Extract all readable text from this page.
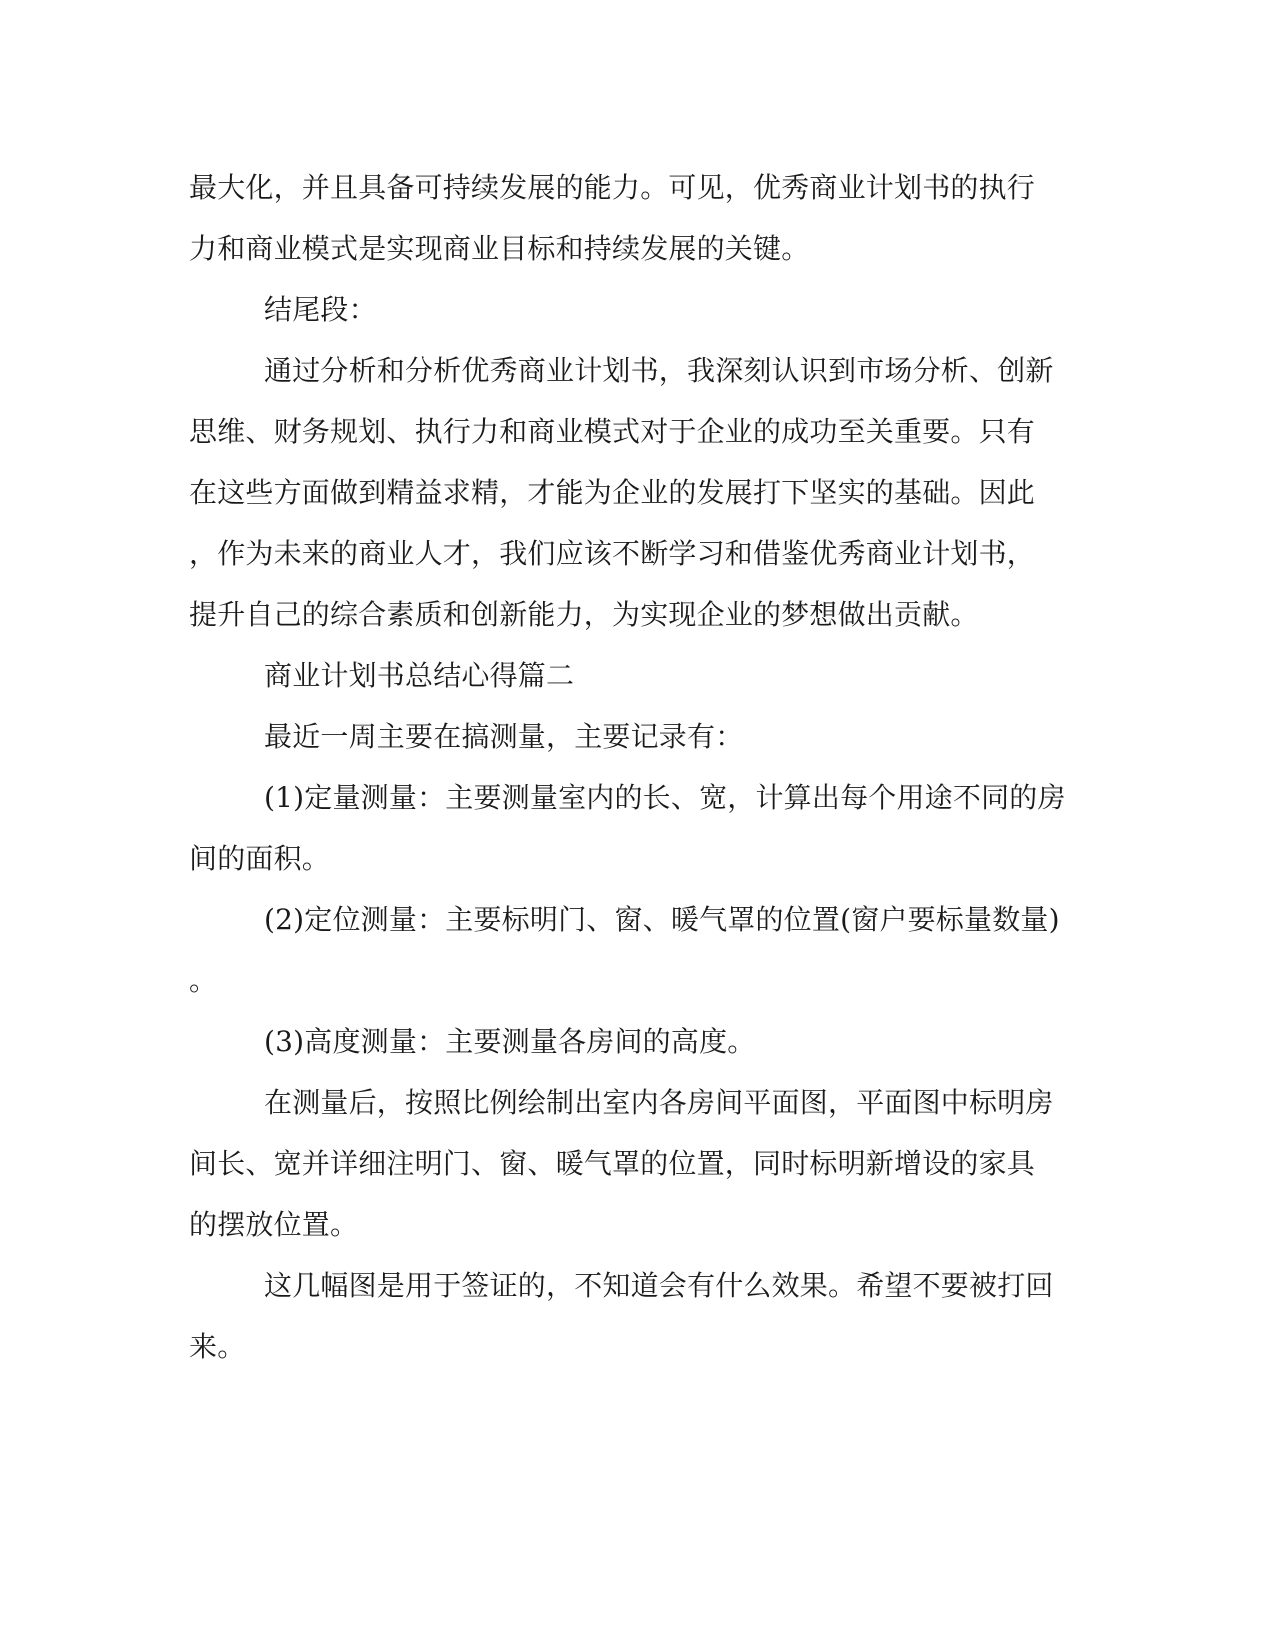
最大化，并且具备可持续发展的能力。可见，优秀商业计划书的执行
力和商业模式是实现商业目标和持续发展的关键。
结尾段：
通过分析和分析优秀商业计划书，我深刻认识到市场分析、创新
思维、财务规划、执行力和商业模式对于企业的成功至关重要。只有
在这些方面做到精益求精，才能为企业的发展打下坚实的基础。因此
，作为未来的商业人才，我们应该不断学习和借鉴优秀商业计划书，
提升自己的综合素质和创新能力，为实现企业的梦想做出贡献。
商业计划书总结心得篇二
最近一周主要在搞测量，主要记录有：
(1)定量测量：主要测量室内的长、宽，计算出每个用途不同的房
间的面积。
(2)定位测量：主要标明门、窗、暖气罩的位置(窗户要标量数量)
。
(3)高度测量：主要测量各房间的高度。
在测量后，按照比例绘制出室内各房间平面图，平面图中标明房
间长、宽并详细注明门、窗、暖气罩的位置，同时标明新增设的家具
的摆放位置。
这几幅图是用于签证的，不知道会有什么效果。希望不要被打回
来。
